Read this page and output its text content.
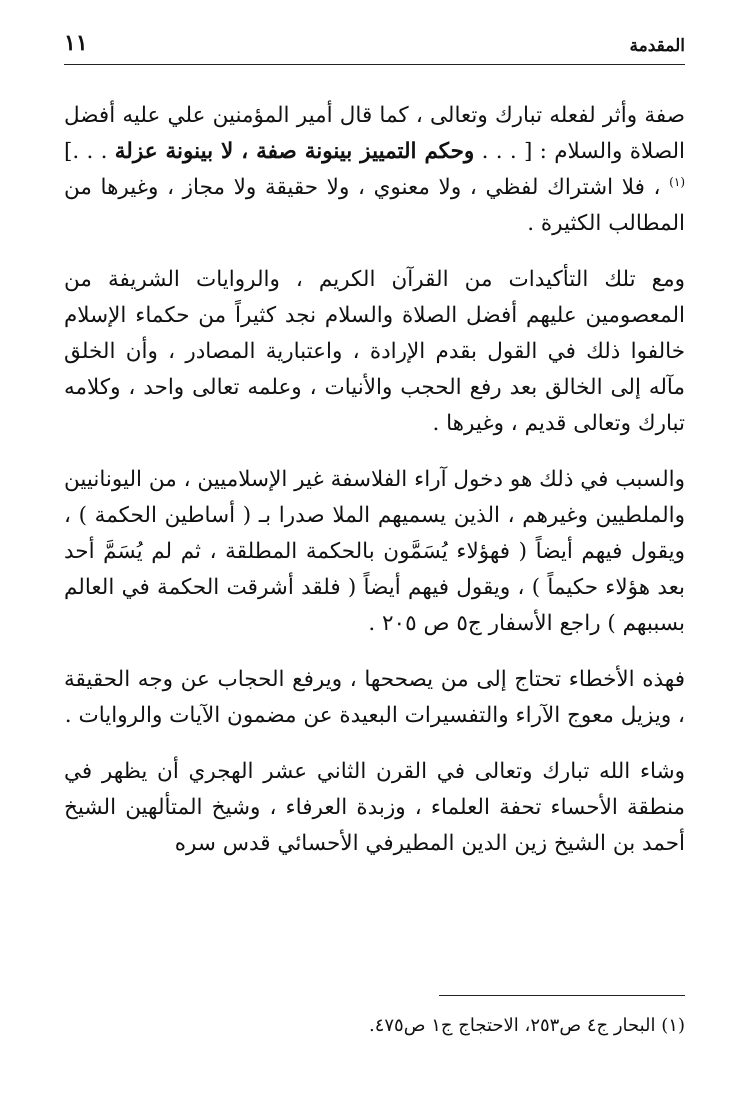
١١	المقدمة

صفة وأثر لفعله تبارك وتعالى ، كما قال أمير المؤمنين علي عليه أفضل الصلاة والسلام : [ . . . وحكم التمييز بينونة صفة ، لا بينونة عزلة . . .]$^{(١)}$ ، فلا اشتراك لفظي ، ولا معنوي ، ولا حقيقة ولا مجاز ، وغيرها من المطالب الكثيرة .

ومع تلك التأكيدات من القرآن الكريم ، والروايات الشريفة من المعصومين عليهم أفضل الصلاة والسلام نجد كثيراً من حكماء الإسلام خالفوا ذلك في القول بقدم الإرادة ، واعتبارية المصادر ، وأن الخلق مآله إلى الخالق بعد رفع الحجب والأنيات ، وعلمه تعالى واحد ، وكلامه تبارك وتعالى قديم ، وغيرها .

والسبب في ذلك هو دخول آراء الفلاسفة غير الإسلاميين ، من اليونانيين والملطيين وغيرهم ، الذين يسميهم الملا صدرا بـ ( أساطين الحكمة ) ، ويقول فيهم أيضاً ( فهؤلاء يُسَمَّون بالحكمة المطلقة ، ثم لم يُسَمَّ أحد بعد هؤلاء حكيماً ) ، ويقول فيهم أيضاً ( فلقد أشرقت الحكمة في العالم بسببهم ) راجع الأسفار ج٥ ص ٢٠٥ .

فهذه الأخطاء تحتاج إلى من يصححها ، ويرفع الحجاب عن وجه الحقيقة ، ويزيل معوج الآراء والتفسيرات البعيدة عن مضمون الآيات والروايات .

وشاء الله تبارك وتعالى في القرن الثاني عشر الهجري أن يظهر في منطقة الأحساء تحفة العلماء ، وزبدة العرفاء ، وشيخ المتألهين الشيخ أحمد بن الشيخ زين الدين المطيرفي الأحسائي قدس سره

(١) البحار ج٤ ص٢٥٣، الاحتجاج ج١ ص٤٧٥.
